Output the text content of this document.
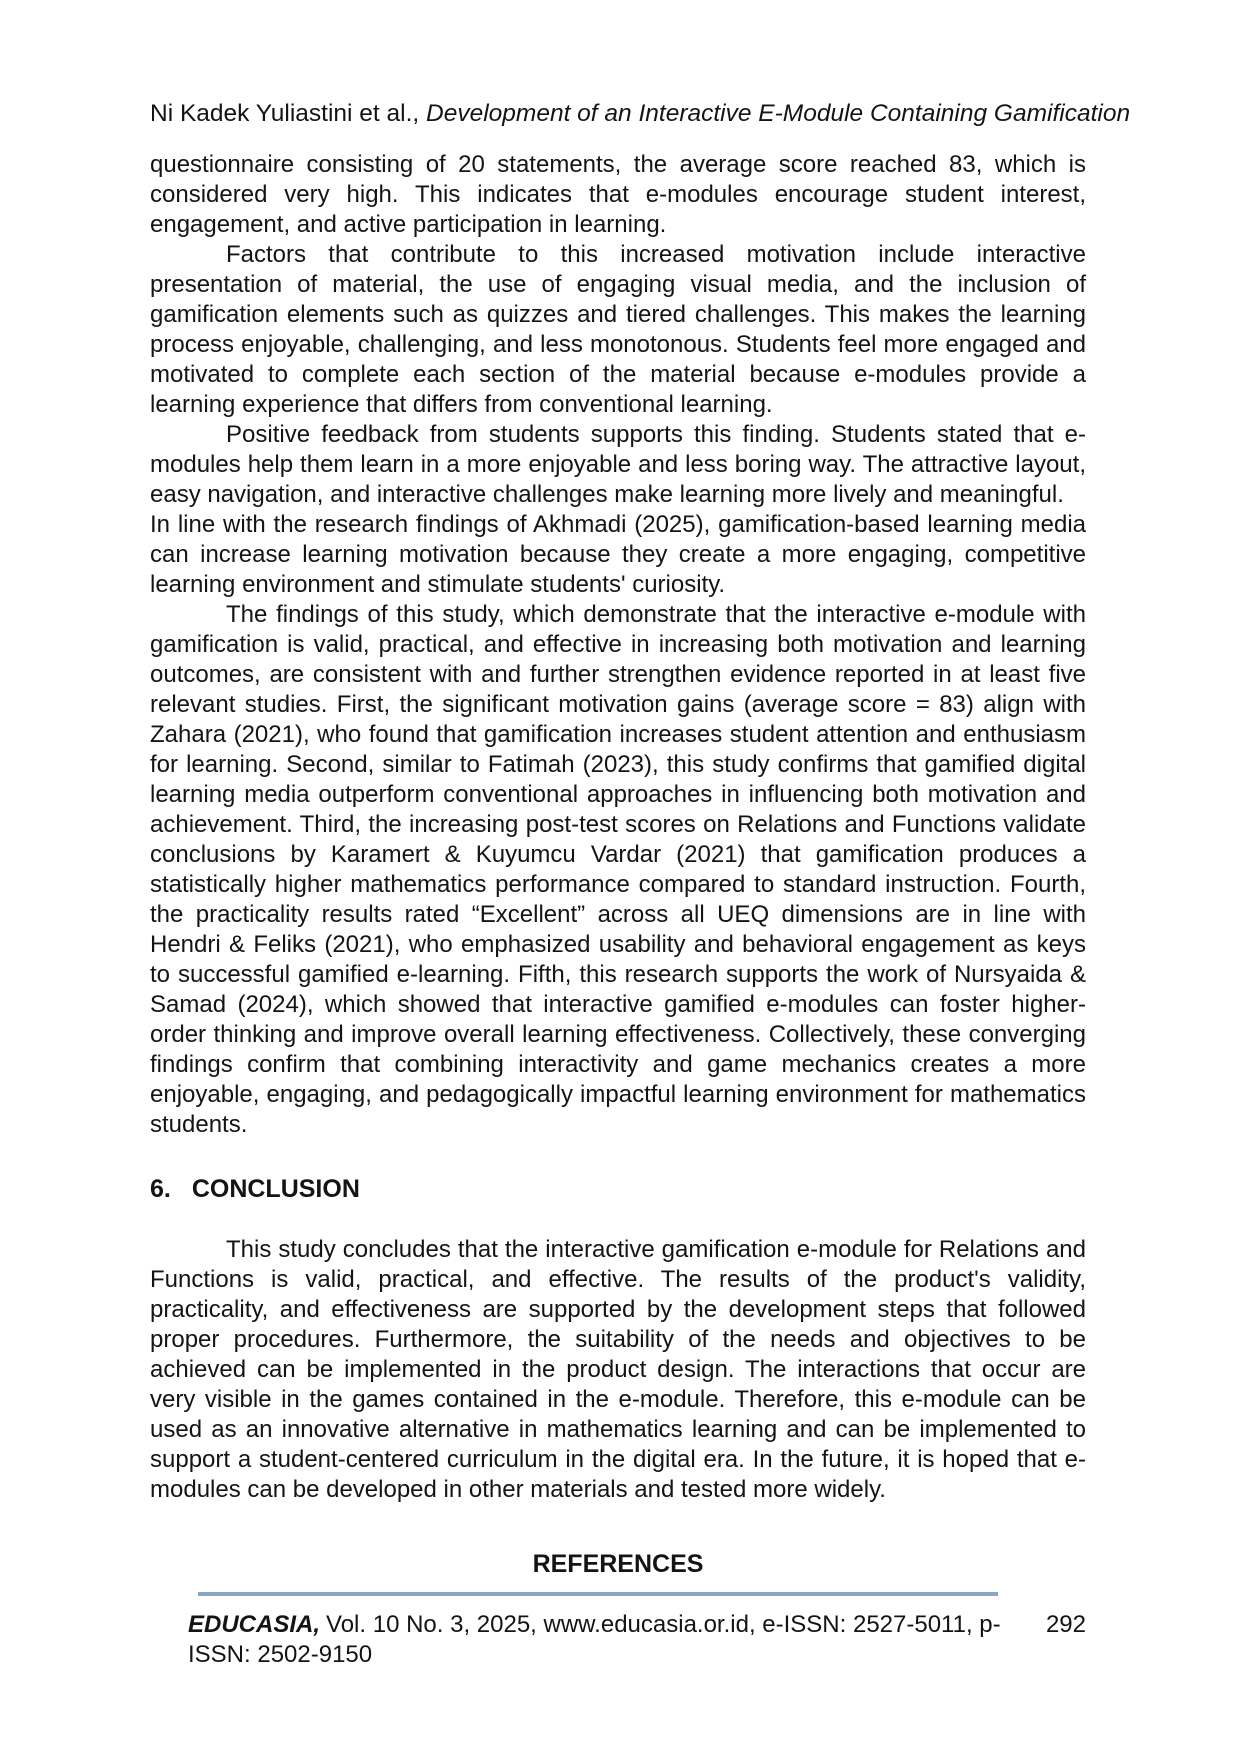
Ni Kadek Yuliastini et al., Development of an Interactive E-Module Containing Gamification

questionnaire consisting of 20 statements, the average score reached 83, which is considered very high. This indicates that e-modules encourage student interest, engagement, and active participation in learning.

Factors that contribute to this increased motivation include interactive presentation of material, the use of engaging visual media, and the inclusion of gamification elements such as quizzes and tiered challenges. This makes the learning process enjoyable, challenging, and less monotonous. Students feel more engaged and motivated to complete each section of the material because e-modules provide a learning experience that differs from conventional learning.

Positive feedback from students supports this finding. Students stated that e-modules help them learn in a more enjoyable and less boring way. The attractive layout, easy navigation, and interactive challenges make learning more lively and meaningful.

In line with the research findings of Akhmadi (2025), gamification-based learning media can increase learning motivation because they create a more engaging, competitive learning environment and stimulate students' curiosity.

The findings of this study, which demonstrate that the interactive e-module with gamification is valid, practical, and effective in increasing both motivation and learning outcomes, are consistent with and further strengthen evidence reported in at least five relevant studies. First, the significant motivation gains (average score = 83) align with Zahara (2021), who found that gamification increases student attention and enthusiasm for learning. Second, similar to Fatimah (2023), this study confirms that gamified digital learning media outperform conventional approaches in influencing both motivation and achievement. Third, the increasing post-test scores on Relations and Functions validate conclusions by Karamert & Kuyumcu Vardar (2021) that gamification produces a statistically higher mathematics performance compared to standard instruction. Fourth, the practicality results rated “Excellent” across all UEQ dimensions are in line with Hendri & Feliks (2021), who emphasized usability and behavioral engagement as keys to successful gamified e-learning. Fifth, this research supports the work of Nursyaida & Samad (2024), which showed that interactive gamified e-modules can foster higher-order thinking and improve overall learning effectiveness. Collectively, these converging findings confirm that combining interactivity and game mechanics creates a more enjoyable, engaging, and pedagogically impactful learning environment for mathematics students.

6. CONCLUSION

This study concludes that the interactive gamification e-module for Relations and Functions is valid, practical, and effective. The results of the product's validity, practicality, and effectiveness are supported by the development steps that followed proper procedures. Furthermore, the suitability of the needs and objectives to be achieved can be implemented in the product design. The interactions that occur are very visible in the games contained in the e-module. Therefore, this e-module can be used as an innovative alternative in mathematics learning and can be implemented to support a student-centered curriculum in the digital era. In the future, it is hoped that e-modules can be developed in other materials and tested more widely.

REFERENCES
EDUCASIA, Vol. 10 No. 3, 2025, www.educasia.or.id, e-ISSN: 2527-5011, p-ISSN: 2502-9150
292
